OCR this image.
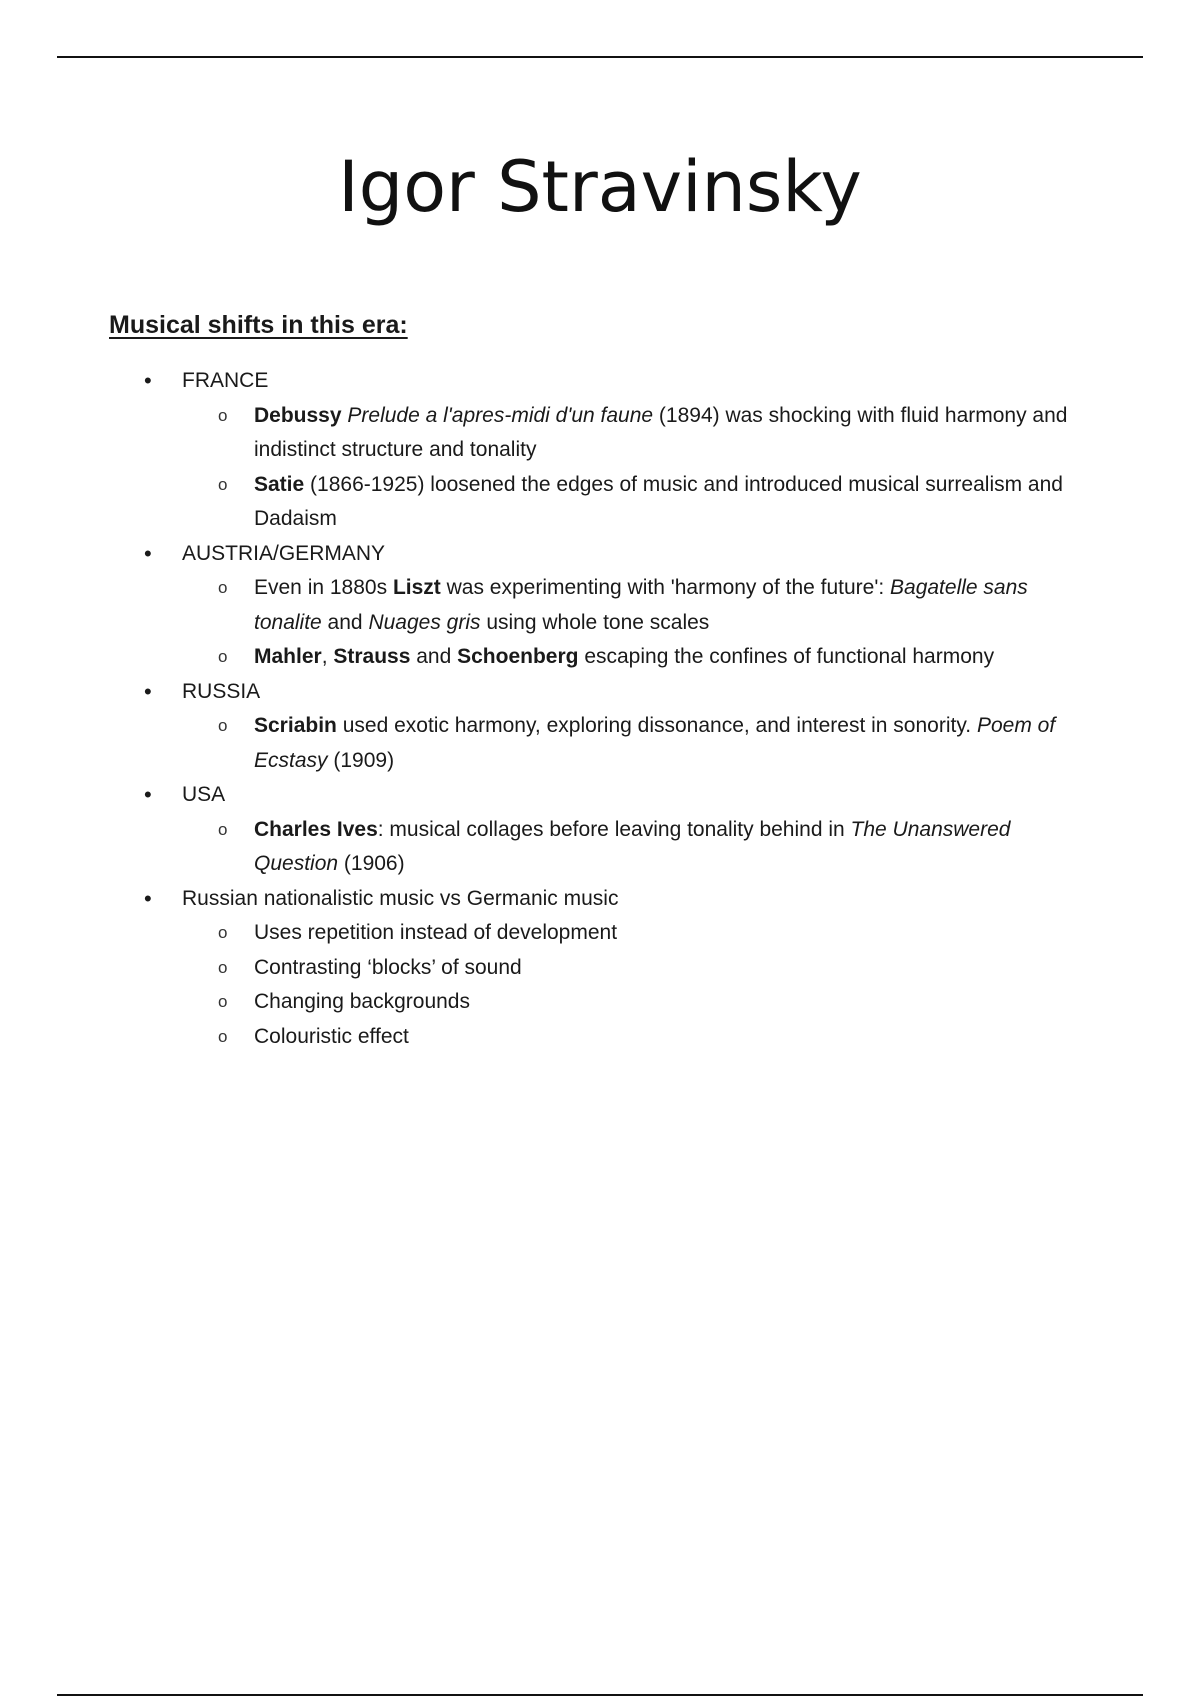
Igor Stravinsky
Musical shifts in this era:
• FRANCE
o Debussy Prelude a l'apres-midi d'un faune (1894) was shocking with fluid harmony and indistinct structure and tonality
o Satie (1866-1925) loosened the edges of music and introduced musical surrealism and Dadaism
• AUSTRIA/GERMANY
o Even in 1880s Liszt was experimenting with 'harmony of the future': Bagatelle sans tonalite and Nuages gris using whole tone scales
o Mahler, Strauss and Schoenberg escaping the confines of functional harmony
• RUSSIA
o Scriabin used exotic harmony, exploring dissonance, and interest in sonority. Poem of Ecstasy (1909)
• USA
o Charles Ives: musical collages before leaving tonality behind in The Unanswered Question (1906)
• Russian nationalistic music vs Germanic music
o Uses repetition instead of development
o Contrasting ‘blocks’ of sound
o Changing backgrounds
o Colouristic effect
